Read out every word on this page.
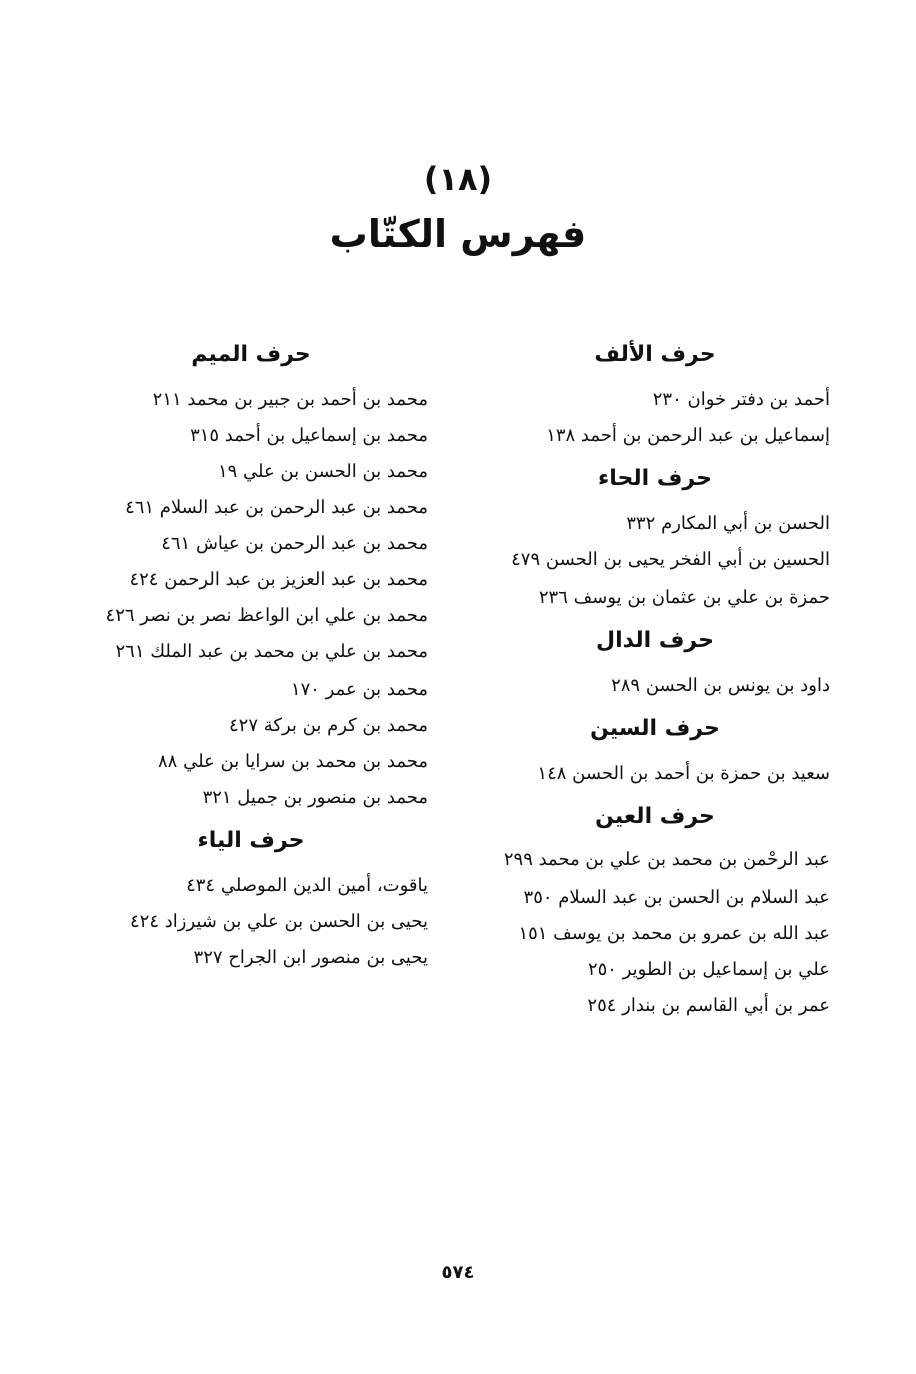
(١٨)
فهرس الكتّاب
حرف الألف
أحمد بن دفتر خوان ٢٣٠
إسماعيل بن عبد الرحمن بن أحمد ١٣٨
حرف الحاء
الحسن بن أبي المكارم ٣٣٢
الحسين بن أبي الفخر يحيى بن الحسن ٤٧٩
حمزة بن علي بن عثمان بن يوسف ٢٣٦
حرف الدال
داود بن يونس بن الحسن ٢٨٩
حرف السين
سعيد بن حمزة بن أحمد بن الحسن ١٤٨
حرف العين
عبد الرحْمن بن محمد بن علي بن محمد ٢٩٩
عبد السلام بن الحسن بن عبد السلام ٣٥٠
عبد الله بن عمرو بن محمد بن يوسف ١٥١
علي بن إسماعيل بن الطوير ٢٥٠
عمر بن أبي القاسم بن بندار ٢٥٤
حرف الميم
محمد بن أحمد بن جبير بن محمد ٢١١
محمد بن إسماعيل بن أحمد ٣١٥
محمد بن الحسن بن علي ١٩
محمد بن عبد الرحمن بن عبد السلام ٤٦١
محمد بن عبد الرحمن بن عياش ٤٦١
محمد بن عبد العزيز بن عبد الرحمن ٤٢٤
محمد بن علي ابن الواعظ نصر بن نصر ٤٢٦
محمد بن علي بن محمد بن عبد الملك ٢٦١
محمد بن عمر ١٧٠
محمد بن كرم بن بركة ٤٢٧
محمد بن محمد بن سرايا بن علي ٨٨
محمد بن منصور بن جميل ٣٢١
حرف الياء
ياقوت، أمين الدين الموصلي ٤٣٤
يحيى بن الحسن بن علي بن شيرزاد ٤٢٤
يحيى بن منصور ابن الجراح ٣٢٧
٥٧٤
